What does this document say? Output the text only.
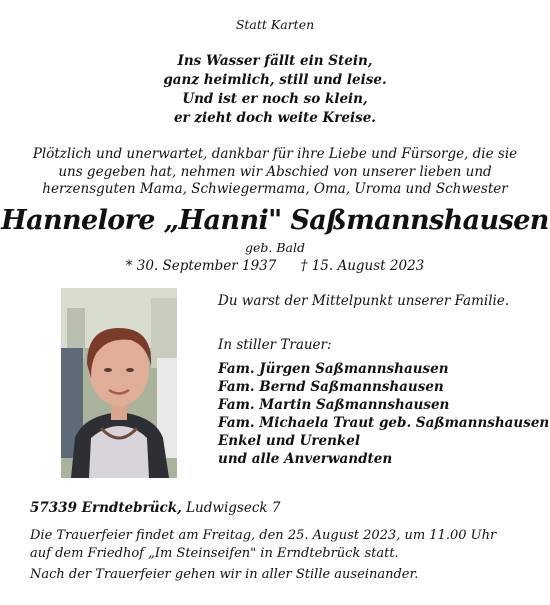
Statt Karten
Ins Wasser fällt ein Stein,
ganz heimlich, still und leise.
Und ist er noch so klein,
er zieht doch weite Kreise.
Plötzlich und unerwartet, dankbar für ihre Liebe und Fürsorge, die sie
uns gegeben hat, nehmen wir Abschied von unserer lieben und
herzensguten Mama, Schwiegermama, Oma, Uroma und Schwester
Hannelore „Hanni" Saßmannshausen
geb. Bald
* 30. September 1937 † 15. August 2023
Du warst der Mittelpunkt unserer Familie.
In stiller Trauer:
Fam. Jürgen Saßmannshausen
Fam. Bernd Saßmannshausen
Fam. Martin Saßmannshausen
Fam. Michaela Traut geb. Saßmannshausen
Enkel und Urenkel
und alle Anverwandten
57339 Erndtebrück, Ludwigseck 7
Die Trauerfeier findet am Freitag, den 25. August 2023, um 11.00 Uhr
auf dem Friedhof „Im Steinseifen" in Erndtebrück statt.
Nach der Trauerfeier gehen wir in aller Stille auseinander.
